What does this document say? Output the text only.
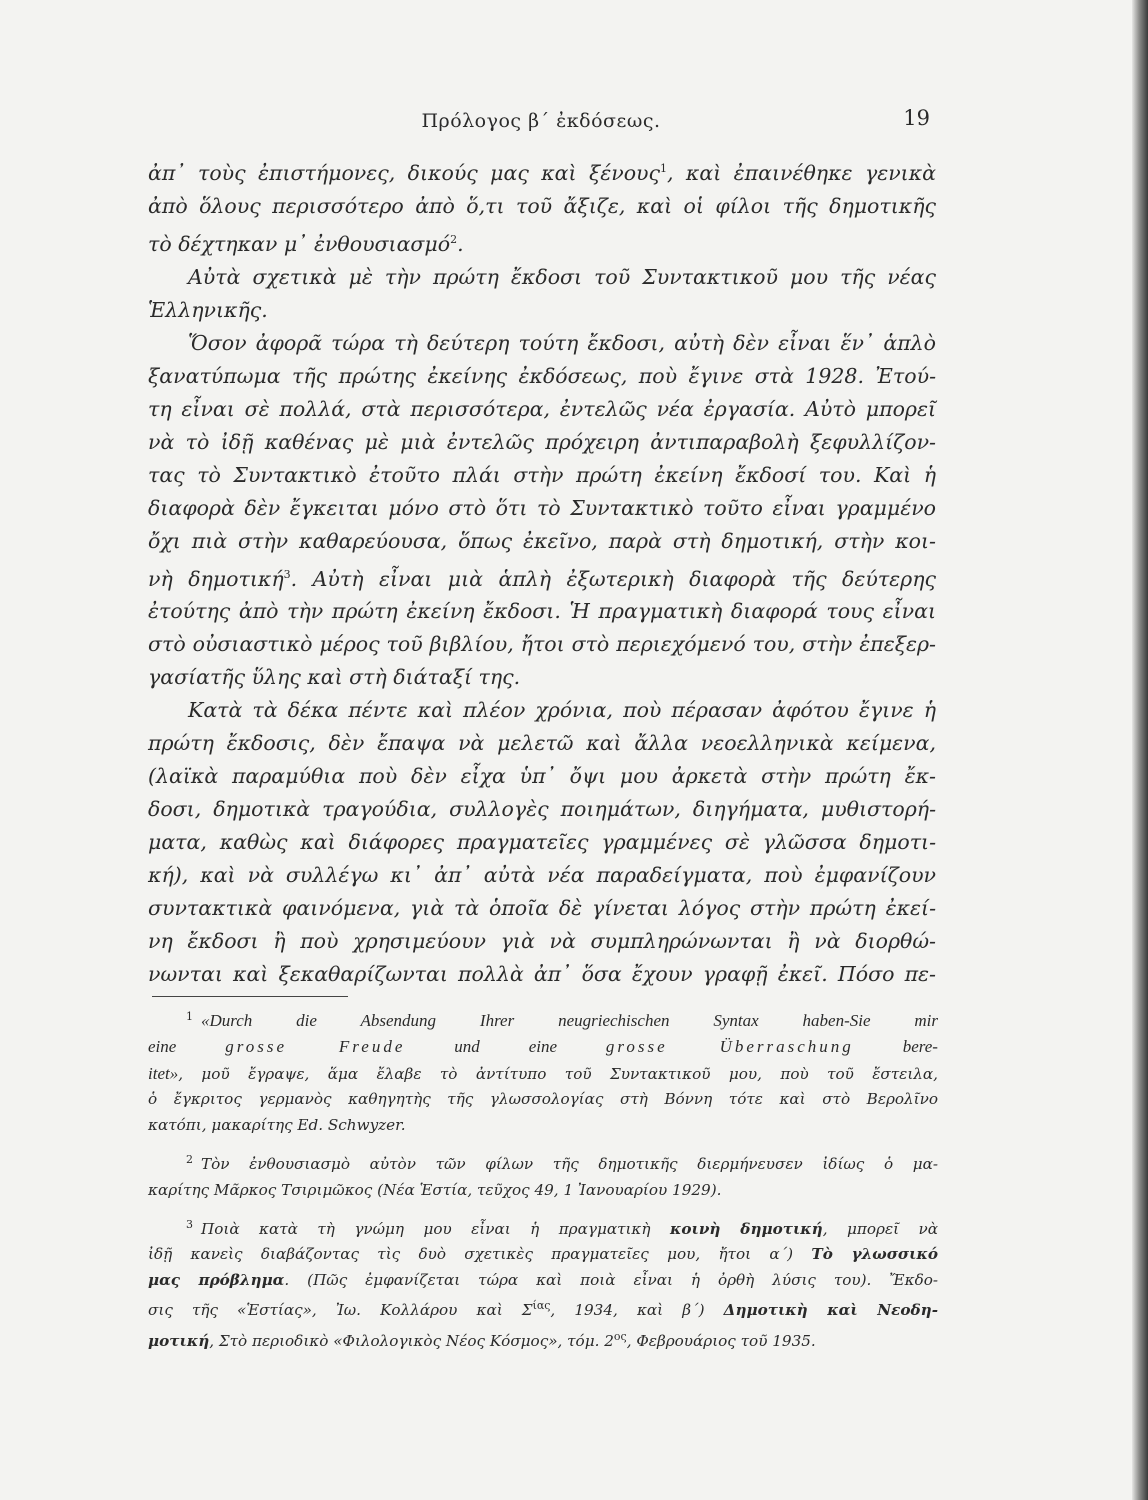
Πρόλογος β΄ ἐκδόσεως.	19

ἀπ᾽ τοὺς ἐπιστήμονες, δικούς μας καὶ ξένους$^1$, καὶ ἐπαινέθηκε γενικὰ
ἀπὸ ὅλους περισσότερο ἀπὸ ὅ,τι τοῦ ἄξιζε, καὶ οἱ φίλοι τῆς δημοτικῆς
τὸ δέχτηκαν μ᾽ ἐνθουσιασμό$^2$.

Αὐτὰ σχετικὰ μὲ τὴν πρώτη ἔκδοσι τοῦ Συντακτικοῦ μου τῆς νέας
Ἑλληνικῆς.

Ὅσον ἀφορᾶ τώρα τὴ δεύτερη τούτη ἔκδοσι, αὐτὴ δὲν εἶναι ἕν᾽ ἁπλὸ
ξανατύπωμα τῆς πρώτης ἐκείνης ἐκδόσεως, ποὺ ἔγινε στὰ 1928. Ἐτού-
τη εἶναι σὲ πολλά, στὰ περισσότερα, ἐντελῶς νέα ἐργασία. Αὐτὸ μπορεῖ
νὰ τὸ ἰδῇ καθένας μὲ μιὰ ἐντελῶς πρόχειρη ἀντιπαραβολὴ ξεφυλλίζον-
τας τὸ Συντακτικὸ ἐτοῦτο πλάι στὴν πρώτη ἐκείνη ἔκδοσί του. Καὶ ἡ
διαφορὰ δὲν ἔγκειται μόνο στὸ ὅτι τὸ Συντακτικὸ τοῦτο εἶναι γραμμένο
ὄχι πιὰ στὴν καθαρεύουσα, ὅπως ἐκεῖνο, παρὰ στὴ δημοτική, στὴν κοι-
νὴ δημοτική$^3$. Αὐτὴ εἶναι μιὰ ἁπλὴ ἐξωτερικὴ διαφορὰ τῆς δεύτερης
ἐτούτης ἀπὸ τὴν πρώτη ἐκείνη ἔκδοσι. Ἡ πραγματικὴ διαφορά τους εἶναι
στὸ οὐσιαστικὸ μέρος τοῦ βιβλίου, ἤτοι στὸ περιεχόμενό του, στὴν ἐπεξερ-
γασίατῆς ὕλης καὶ στὴ διάταξί της.

Κατὰ τὰ δέκα πέντε καὶ πλέον χρόνια, ποὺ πέρασαν ἀφότου ἔγινε ἡ
πρώτη ἔκδοσις, δὲν ἔπαψα νὰ μελετῶ καὶ ἄλλα νεοελληνικὰ κείμενα,
(λαϊκὰ παραμύθια ποὺ δὲν εἶχα ὑπ᾽ ὄψι μου ἀρκετὰ στὴν πρώτη ἔκ-
δοσι, δημοτικὰ τραγούδια, συλλογὲς ποιημάτων, διηγήματα, μυθιστορή-
ματα, καθὼς καὶ διάφορες πραγματεῖες γραμμένες σὲ γλῶσσα δημοτι-
κή), καὶ νὰ συλλέγω κι᾽ ἀπ᾽ αὐτὰ νέα παραδείγματα, ποὺ ἐμφανίζουν
συντακτικὰ φαινόμενα, γιὰ τὰ ὁποῖα δὲ γίνεται λόγος στὴν πρώτη ἐκεί-
νη ἔκδοσι ἢ ποὺ χρησιμεύουν γιὰ νὰ συμπληρώνωνται ἢ νὰ διορθώ-
νωνται καὶ ξεκαθαρίζωνται πολλὰ ἀπ᾽ ὅσα ἔχουν γραφῇ ἐκεῖ. Πόσο πε-

$^1$ «Durch die Absendung Ihrer neugriechischen Syntax haben-Sie mir
eine grosse Freude und eine grosse Überraschung bere-
itet», μοῦ ἔγραψε, ἅμα ἔλαβε τὸ ἀντίτυπο τοῦ Συντακτικοῦ μου, ποὺ τοῦ ἔστειλα,
ὁ ἔγκριτος γερμανὸς καθηγητὴς τῆς γλωσσολογίας στὴ Βόννη τότε καὶ στὸ Βερολῖνο
κατόπι, μακαρίτης Ed. Schwyzer.
$^2$ Τὸν ἐνθουσιασμὸ αὐτὸν τῶν φίλων τῆς δημοτικῆς διερμήνευσεν ἰδίως ὁ μα-
καρίτης Μᾶρκος Τσιριμῶκος (Νέα Ἑστία, τεῦχος 49, 1 Ἰανουαρίου 1929).
$^3$ Ποιὰ κατὰ τὴ γνώμη μου εἶναι ἡ πραγματικὴ κοινὴ δημοτική, μπορεῖ νὰ
ἰδῇ κανεὶς διαβάζοντας τὶς δυὸ σχετικὲς πραγματεῖες μου, ἤτοι α΄) Τὸ γλωσσικό
μας πρόβλημα. (Πῶς ἐμφανίζεται τώρα καὶ ποιὰ εἶναι ἡ ὀρθὴ λύσις του). Ἔκδο-
σις τῆς «Ἑστίας», Ἰω. Κολλάρου καὶ $\Sigma^{ί\alpha\varsigma}$, 1934, καὶ β΄) Δημοτικὴ καὶ Νεοδη-
μοτική, Στὸ περιοδικὸ «Φιλολογικὸς Νέος Κόσμος», τόμ. $2^{o\varsigma}$, Φεβρουάριος τοῦ 1935.
